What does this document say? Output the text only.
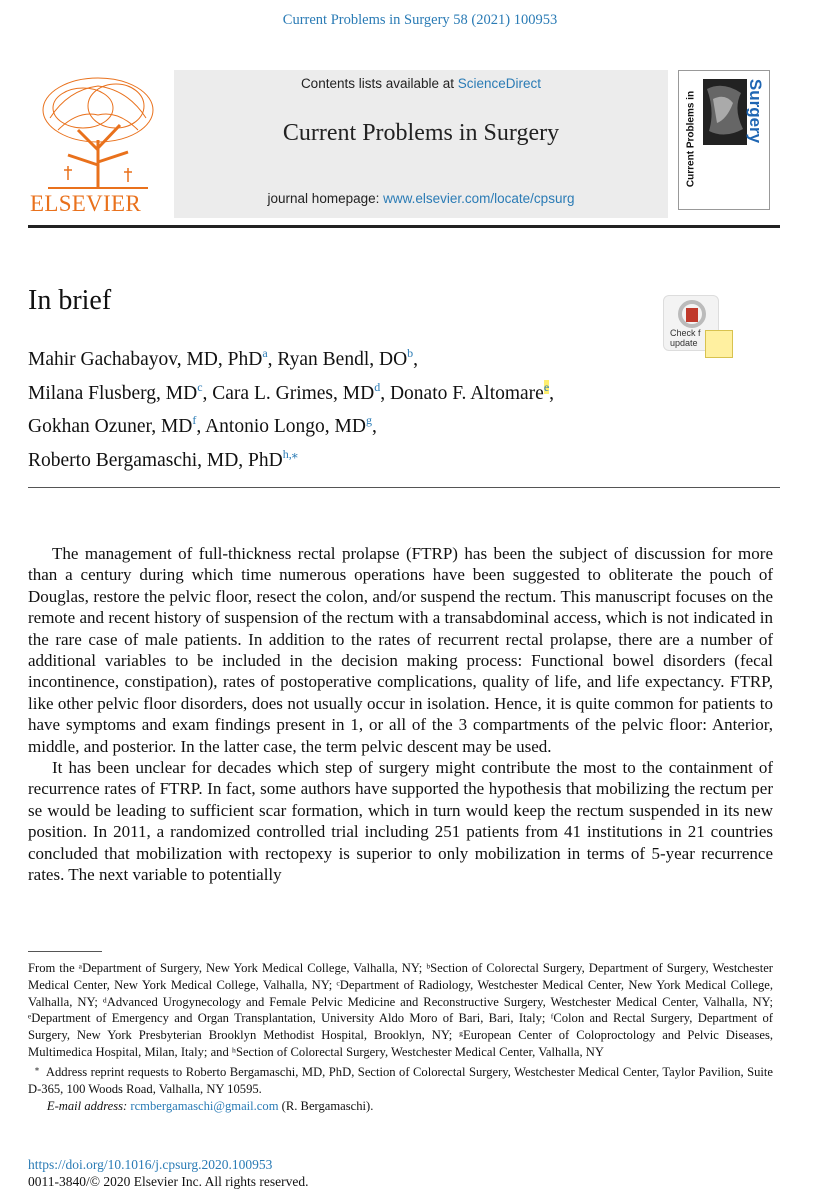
Current Problems in Surgery 58 (2021) 100953
ELSEVIER
Contents lists available at ScienceDirect
Current Problems in Surgery
journal homepage: www.elsevier.com/locate/cpsurg
Current Problems in	Surgery
In brief
Check f
update
Mahir Gachabayov, MD, PhD$^a$, Ryan Bendl, $DO^b$,
Milana Flusberg, $MD^c$, Cara L. Grimes, $MD^d$, Donato F. Altomare$^e$,
Gokhan Ozuner, $MD^f$, Antonio Longo, $MD^g$,
Roberto Bergamaschi, MD, PhD$^{h,⁎}$

The management of full-thickness rectal prolapse (FTRP) has been the subject of discussion for more than a century during which time numerous operations have been suggested to obliterate the pouch of Douglas, restore the pelvic floor, resect the colon, and/or suspend the rectum. This manuscript focuses on the remote and recent history of suspension of the rectum with a transabdominal access, which is not indicated in the rare case of male patients. In addition to the rates of recurrent rectal prolapse, there are a number of additional variables to be included in the decision making process: Functional bowel disorders (fecal incontinence, constipation), rates of postoperative complications, quality of life, and life expectancy. FTRP, like other pelvic floor disorders, does not usually occur in isolation. Hence, it is quite common for patients to have symptoms and exam findings present in 1, or all of the 3 compartments of the pelvic floor: Anterior, middle, and posterior. In the latter case, the term pelvic descent may be used.

It has been unclear for decades which step of surgery might contribute the most to the containment of recurrence rates of FTRP. In fact, some authors have supported the hypothesis that mobilizing the rectum per se would be leading to sufficient scar formation, which in turn would keep the rectum suspended in its new position. In 2011, a randomized controlled trial including 251 patients from 41 institutions in 21 countries concluded that mobilization with rectopexy is superior to only mobilization in terms of 5-year recurrence rates. The next variable to potentially

From the ᵃDepartment of Surgery, New York Medical College, Valhalla, NY; ᵇSection of Colorectal Surgery, Department of Surgery, Westchester Medical Center, New York Medical College, Valhalla, NY; ᶜDepartment of Radiology, Westchester Medical Center, New York Medical College, Valhalla, NY; ᵈAdvanced Urogynecology and Female Pelvic Medicine and Reconstructive Surgery, Westchester Medical Center, Valhalla, NY; ᵉDepartment of Emergency and Organ Transplantation, University Aldo Moro of Bari, Bari, Italy; ᶠColon and Rectal Surgery, Department of Surgery, New York Presbyterian Brooklyn Methodist Hospital, Brooklyn, NY; ᵍEuropean Center of Coloproctology and Pelvic Diseases, Multimedica Hospital, Milan, Italy; and ʰSection of Colorectal Surgery, Westchester Medical Center, Valhalla, NY

⁎ Address reprint requests to Roberto Bergamaschi, MD, PhD, Section of Colorectal Surgery, Westchester Medical Center, Taylor Pavilion, Suite D-365, 100 Woods Road, Valhalla, NY 10595.

E-mail address: rcmbergamaschi@gmail.com (R. Bergamaschi).

https://doi.org/10.1016/j.cpsurg.2020.100953
0011-3840/© 2020 Elsevier Inc. All rights reserved.
